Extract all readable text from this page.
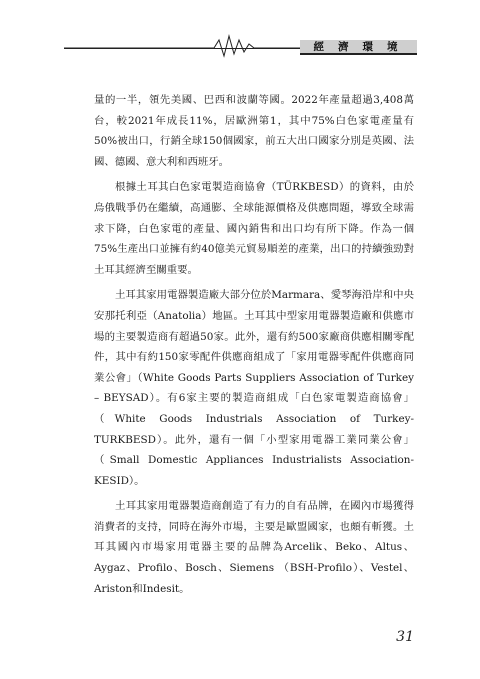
經濟環境

量的一半，領先美國、巴西和波蘭等國。2022年產量超過3,408萬台，較2021年成長11%，居歐洲第1，其中75%白色家電產量有50%被出口，行銷全球150個國家，前五大出口國家分別是英國、法國、德國、意大利和西班牙。

根據土耳其白色家電製造商協會（TÜRKBESD）的資料，由於烏俄戰爭仍在繼續，高通膨、全球能源價格及供應問題，導致全球需求下降，白色家電的產量、國內銷售和出口均有所下降。作為一個75%生產出口並擁有約40億美元貿易順差的產業，出口的持續強勁對土耳其經濟至關重要。

土耳其家用電器製造廠大部分位於Marmara、愛琴海沿岸和中央安那托利亞（Anatolia）地區。土耳其中型家用電器製造廠和供應市場的主要製造商有超過50家。此外，還有約500家廠商供應相關零配件，其中有約150家零配件供應商組成了「家用電器零配件供應商同業公會」（White Goods Parts Suppliers Association of Turkey – BEYSAD）。有6家主要的製造商組成「白色家電製造商協會」（White Goods Industrials Association of Turkey- TURKBESD）。此外，還有一個「小型家用電器工業同業公會」（Small Domestic Appliances Industrialists Association-KESID）。

土耳其家用電器製造商創造了有力的自有品牌，在國內市場獲得消費者的支持，同時在海外市場，主要是歐盟國家，也頗有斬獲。土耳其國內市場家用電器主要的品牌為Arcelik、Beko、Altus、Aygaz、Profilo、Bosch、Siemens （BSH-Profilo）、Vestel、Ariston和Indesit。

31
